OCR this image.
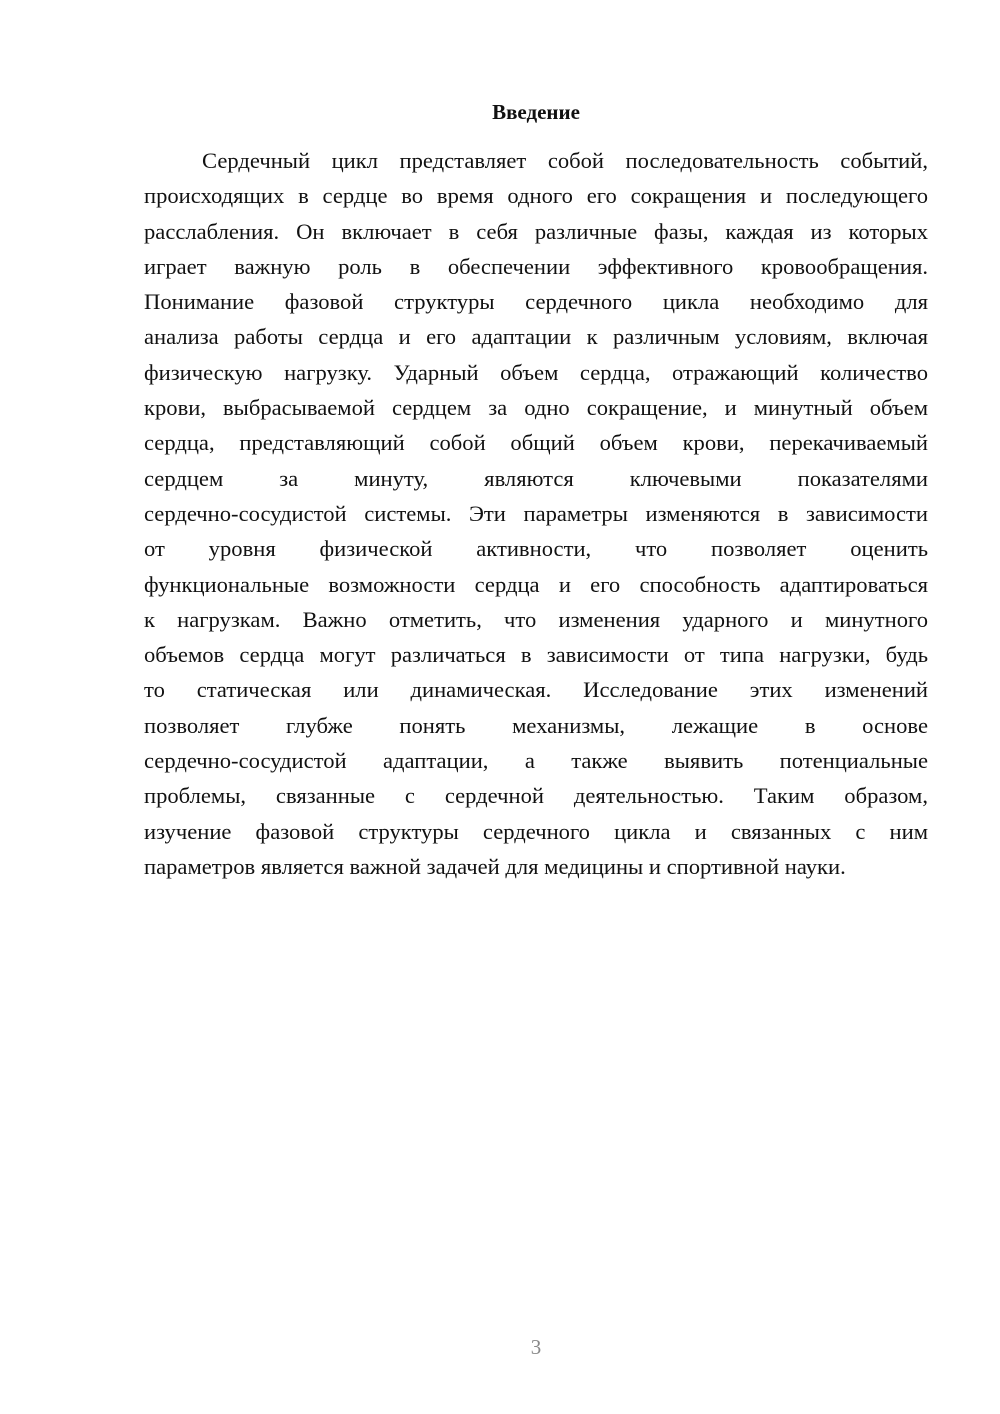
Введение
Сердечный цикл представляет собой последовательность событий,
происходящих в сердце во время одного его сокращения и последующего
расслабления. Он включает в себя различные фазы, каждая из которых
играет важную роль в обеспечении эффективного кровообращения.
Понимание фазовой структуры сердечного цикла необходимо для
анализа работы сердца и его адаптации к различным условиям, включая
физическую нагрузку. Ударный объем сердца, отражающий количество
крови, выбрасываемой сердцем за одно сокращение, и минутный объем
сердца, представляющий собой общий объем крови, перекачиваемый
сердцем за минуту, являются ключевыми показателями
сердечно-сосудистой системы. Эти параметры изменяются в зависимости
от уровня физической активности, что позволяет оценить
функциональные возможности сердца и его способность адаптироваться
к нагрузкам. Важно отметить, что изменения ударного и минутного
объемов сердца могут различаться в зависимости от типа нагрузки, будь
то статическая или динамическая. Исследование этих изменений
позволяет глубже понять механизмы, лежащие в основе
сердечно-сосудистой адаптации, а также выявить потенциальные
проблемы, связанные с сердечной деятельностью. Таким образом,
изучение фазовой структуры сердечного цикла и связанных с ним
параметров является важной задачей для медицины и спортивной науки.
3
